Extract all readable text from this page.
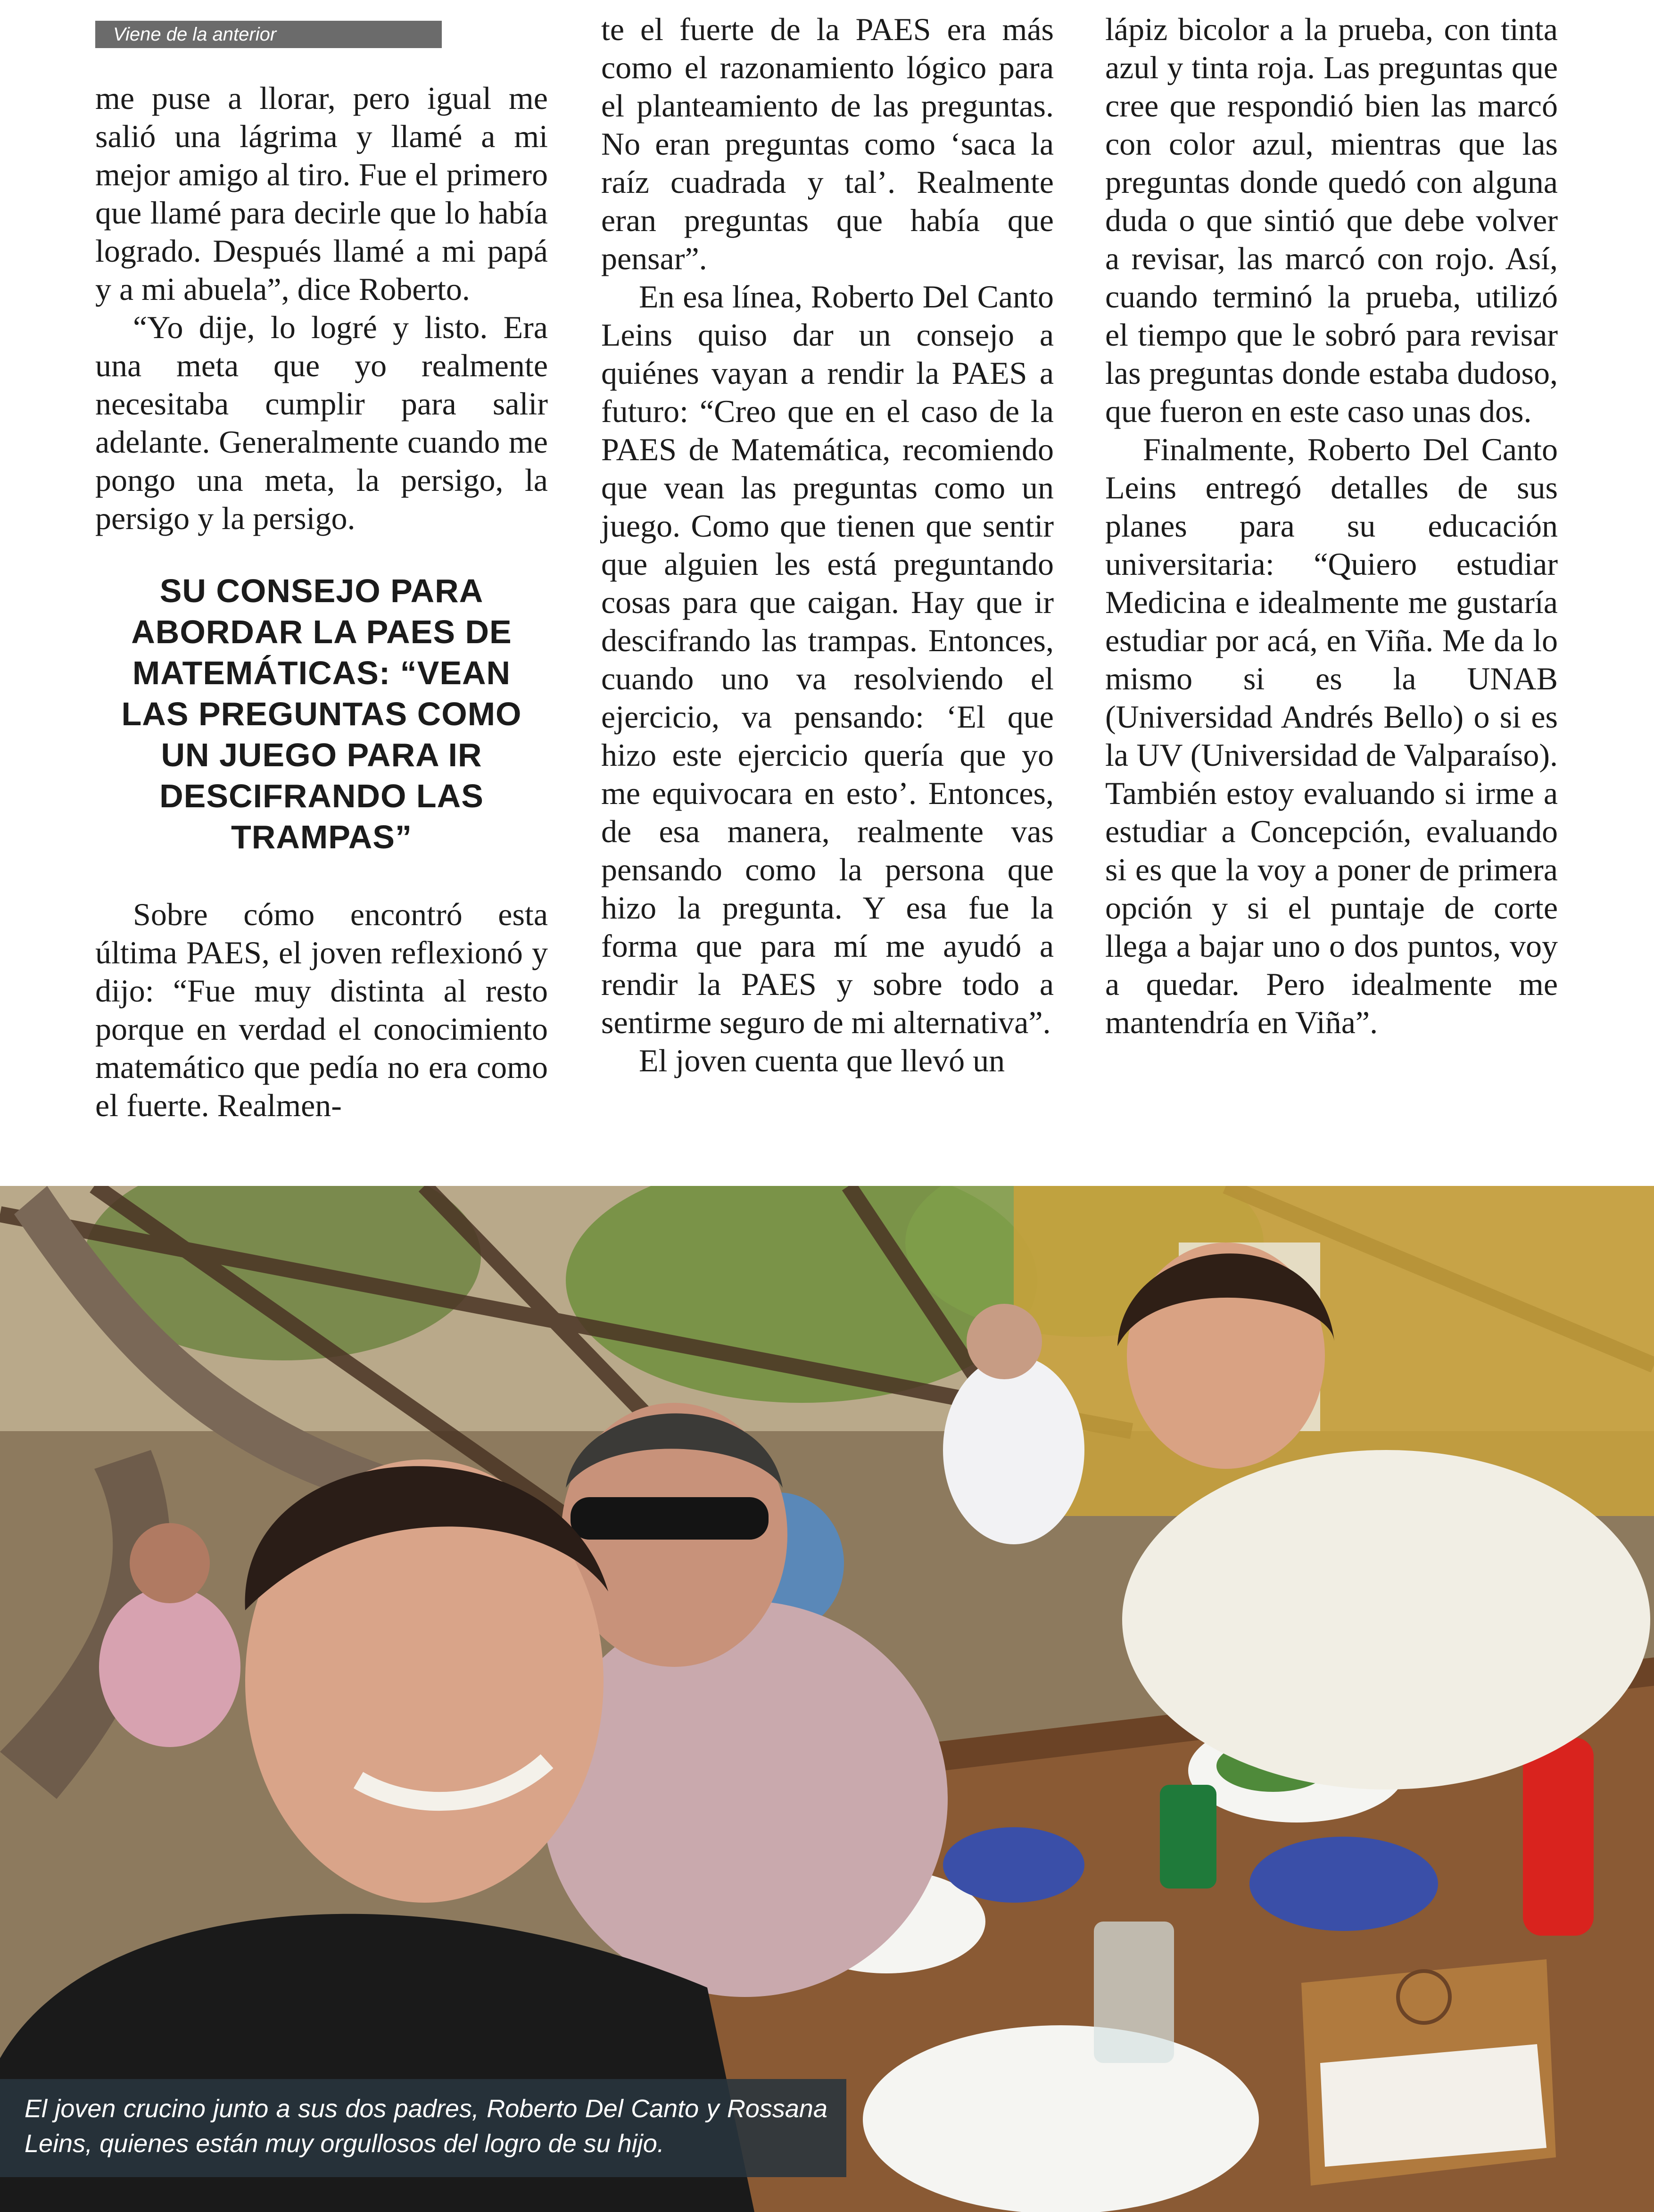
Viene de la anterior

me puse a llorar, pero igual me salió una lágrima y llamé a mi mejor amigo al tiro. Fue el primero que llamé para decirle que lo había logrado. Después llamé a mi papá y a mi abuela”, dice Roberto.

“Yo dije, lo logré y listo. Era una meta que yo realmente necesitaba cumplir para salir adelante. Generalmente cuando me pongo una meta, la persigo, la persigo y la persigo.

SU CONSEJO PARA ABORDAR LA PAES DE MATEMÁTICAS: “VEAN LAS PREGUNTAS COMO UN JUEGO PARA IR DESCIFRANDO LAS TRAMPAS”

Sobre cómo encontró esta última PAES, el joven reflexionó y dijo: “Fue muy distinta al resto porque en verdad el conocimiento matemático que pedía no era como el fuerte. Realmen-

te el fuerte de la PAES era más como el razonamiento lógico para el planteamiento de las preguntas. No eran preguntas como ‘saca la raíz cuadrada y tal’. Realmente eran preguntas que había que pensar”.

En esa línea, Roberto Del Canto Leins quiso dar un consejo a quiénes vayan a rendir la PAES a futuro: “Creo que en el caso de la PAES de Matemática, recomiendo que vean las preguntas como un juego. Como que tienen que sentir que alguien les está preguntando cosas para que caigan. Hay que ir descifrando las trampas. Entonces, cuando uno va resolviendo el ejercicio, va pensando: ‘El que hizo este ejercicio quería que yo me equivocara en esto’. Entonces, de esa manera, realmente vas pensando como la persona que hizo la pregunta. Y esa fue la forma que para mí me ayudó a rendir la PAES y sobre todo a sentirme seguro de mi alternativa”.

El joven cuenta que llevó un

lápiz bicolor a la prueba, con tinta azul y tinta roja. Las preguntas que cree que respondió bien las marcó con color azul, mientras que las preguntas donde quedó con alguna duda o que sintió que debe volver a revisar, las marcó con rojo. Así, cuando terminó la prueba, utilizó el tiempo que le sobró para revisar las preguntas donde estaba dudoso, que fueron en este caso unas dos.

Finalmente, Roberto Del Canto Leins entregó detalles de sus planes para su educación universitaria: “Quiero estudiar Medicina e idealmente me gustaría estudiar por acá, en Viña. Me da lo mismo si es la UNAB (Universidad Andrés Bello) o si es la UV (Universidad de Valparaíso). También estoy evaluando si irme a estudiar a Concepción, evaluando si es que la voy a poner de primera opción y si el puntaje de corte llega a bajar uno o dos puntos, voy a quedar. Pero idealmente me mantendría en Viña”.

El joven crucino junto a sus dos padres, Roberto Del Canto y Rossana Leins, quienes están muy orgullosos del logro de su hijo.
